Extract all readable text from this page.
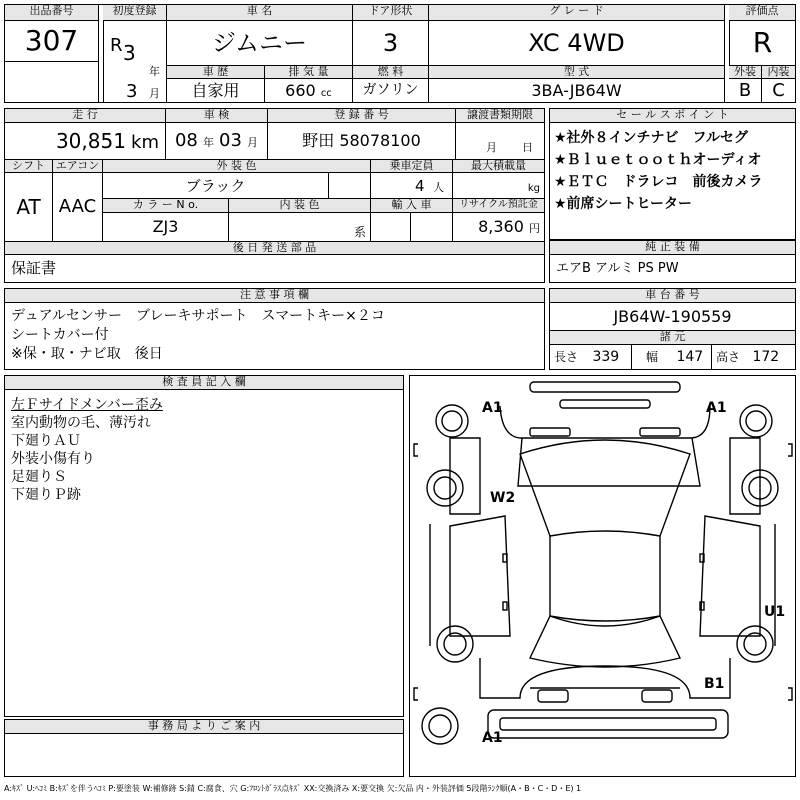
出品番号
307
初度登録
R 3
年
3 月
車 名
ジムニー
ドア形状
3
グ レ ー ド
XC 4WD
評価点
R
車 歴	排 気 量	燃 料	型 式	外装	内装
自家用	660 cc	ガソリン	3BA-JB64W	B	C
走 行	車 検	登 録 番 号	譲渡書類期限
30,851 km 08 年 03 月	野田 58078100	月 日
シフト エアコン	外 装 色	乗車定員	最大積載量
AT	AAC
ブラック	4 人	kg
カ ラ ー N o.	内 装 色	輸 入 車	リサイクル預託金
ZJ3	系	8,360 円
後 日 発 送 部 品
保証書
セ ー ル ス ポ イ ン ト
★社外８インチナビ　フルセグ
★Ｂｌｕｅｔｏｏｔｈオーディオ
★ＥＴＣ　ドラレコ　前後カメラ
★前席シートヒーター
純 正 装 備
エアB アルミ PS PW
注 意 事 項 欄
デュアルセンサー　ブレーキサポート　スマートキー×２コ
シートカバー付
※保・取・ナビ取　後日
車 台 番 号
JB64W-190559
諸 元
長さ 339	幅 147	高さ 172
検 査 員 記 入 欄
左Ｆサイドメンバー歪み
室内動物の毛、薄汚れ
下廻りＡＵ
外装小傷有り
足廻りＳ
下廻りＰ跡
事 務 局 よ り ご 案 内
A1	A1
W2
U1
B1
A1
A:ｷｽﾞ U:ﾍｺﾐ B:ｷｽﾞを伴うﾍｺﾐ P:要塗装 W:補修跡 S:錆 C:腐食、穴 G:ﾌﾛﾝﾄｶﾞﾗｽ点ｷｽﾞ XX:交換済み X:要交換 欠:欠品 内・外装評価 5段階ﾗﾝｸ順(A・B・C・D・E) 1
